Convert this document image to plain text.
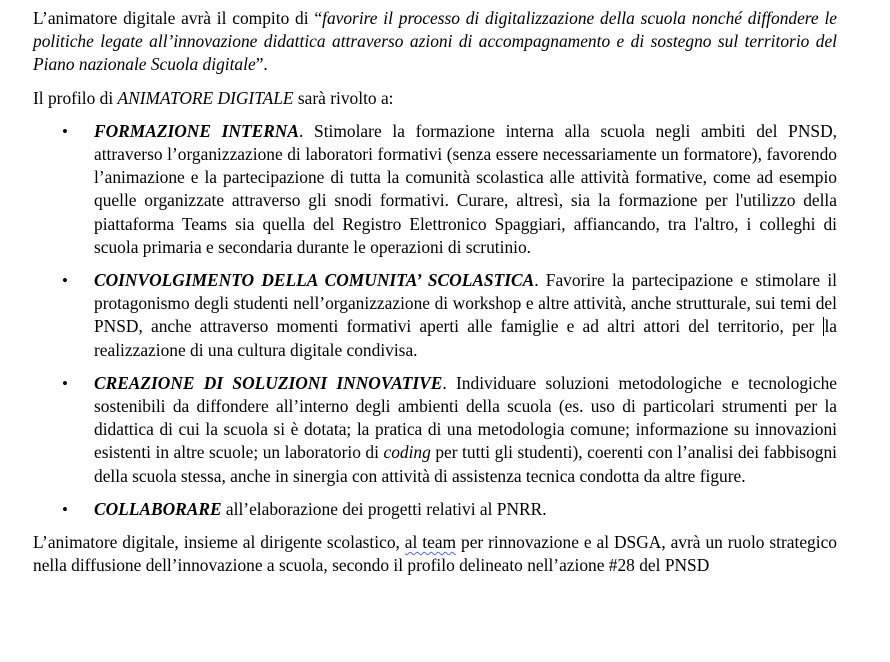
L’animatore digitale avrà il compito di “favorire il processo di digitalizzazione della scuola nonché diffondere le politiche legate all’innovazione didattica attraverso azioni di accompagnamento e di sostegno sul territorio del Piano nazionale Scuola digitale”.

Il profilo di ANIMATORE DIGITALE sarà rivolto a:

•
FORMAZIONE INTERNA. Stimolare la formazione interna alla scuola negli ambiti del PNSD, attraverso l’organizzazione di laboratori formativi (senza essere necessariamente un formatore), favorendo l’animazione e la partecipazione di tutta la comunità scolastica alle attività formative, come ad esempio quelle organizzate attraverso gli snodi formativi. Curare, altresì, sia la formazione per l'utilizzo della piattaforma Teams sia quella del Registro Elettronico Spaggiari, affiancando, tra l'altro, i colleghi di scuola primaria e secondaria durante le operazioni di scrutinio.
•
COINVOLGIMENTO DELLA COMUNITA’ SCOLASTICA. Favorire la partecipazione e stimolare il protagonismo degli studenti nell’organizzazione di workshop e altre attività, anche strutturale, sui temi del PNSD, anche attraverso momenti formativi aperti alle famiglie e ad altri attori del territorio, per la realizzazione di una cultura digitale condivisa.
•
CREAZIONE DI SOLUZIONI INNOVATIVE. Individuare soluzioni metodologiche e tecnologiche sostenibili da diffondere all’interno degli ambienti della scuola (es. uso di particolari strumenti per la didattica di cui la scuola si è dotata; la pratica di una metodologia comune; informazione su innovazioni esistenti in altre scuole; un laboratorio di coding per tutti gli studenti), coerenti con l’analisi dei fabbisogni della scuola stessa, anche in sinergia con attività di assistenza tecnica condotta da altre figure.
•
COLLABORARE all’elaborazione dei progetti relativi al PNRR.

L’animatore digitale, insieme al dirigente scolastico, al team per rinnovazione e al DSGA, avrà un ruolo strategico nella diffusione dell’innovazione a scuola, secondo il profilo delineato nell’azione #28 del PNSD
